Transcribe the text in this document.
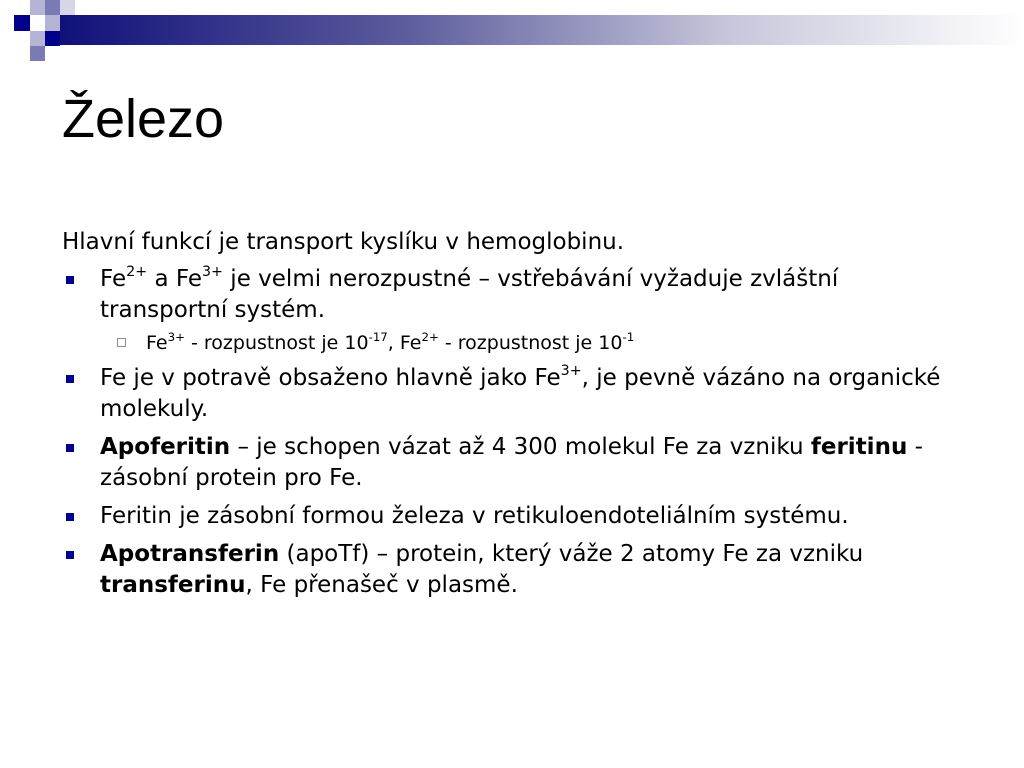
Železo

Hlavní funkcí je transport kyslíku v hemoglobinu.

$Fe^{2+}$ a $Fe^{3+}$ je velmi nerozpustné – vstřebávání vyžaduje zvláštní transportní systém.
$Fe^{3+}$ - rozpustnost je $10^{-17}$, $Fe^{2+}$ - rozpustnost je $10^{-1}$
Fe je v potravě obsaženo hlavně jako $Fe^{3+}$, je pevně vázáno na organické molekuly.
Apoferitin – je schopen vázat až 4 300 molekul Fe za vzniku feritinu - zásobní protein pro Fe.
Feritin je zásobní formou železa v retikuloendoteliálním systému.
Apotransferin (apoTf) – protein, který váže 2 atomy Fe za vzniku transferinu, Fe přenašeč v plasmě.
